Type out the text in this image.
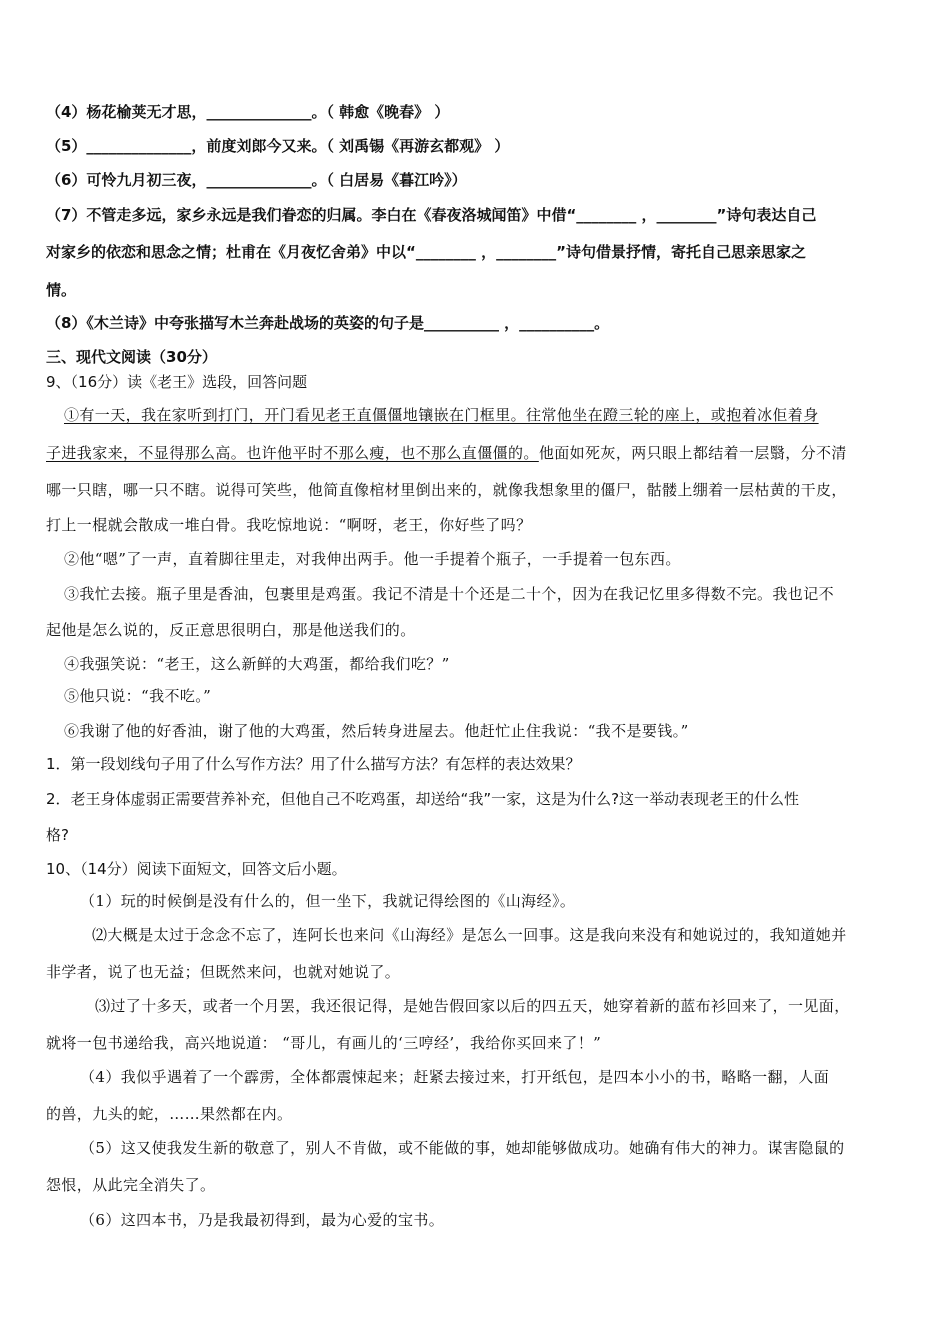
（4）杨花榆荚无才思，______________。（ 韩愈《晚春》 ）
（5）______________，前度刘郎今又来。（ 刘禹锡《再游玄都观》 ）
（6）可怜九月初三夜，______________。（ 白居易《暮江吟》）
（7）不管走多远，家乡永远是我们眷恋的归属。李白在《春夜洛城闻笛》中借“________ ，________”诗句表达自己
对家乡的依恋和思念之情；杜甫在《月夜忆舍弟》中以“________ ，________”诗句借景抒情，寄托自己思亲思家之
情。
（8）《木兰诗》中夸张描写木兰奔赴战场的英姿的句子是__________ ，__________。
三、现代文阅读（30分）
9、（16分）读《老王》选段，回答问题
①有一天，我在家听到打门，开门看见老王直僵僵地镶嵌在门框里。往常他坐在蹬三轮的座上，或抱着冰佢着身
子进我家来，不显得那么高。也许他平时不那么瘦，也不那么直僵僵的。他面如死灰，两只眼上都结着一层翳，分不清
哪一只瞎，哪一只不瞎。说得可笑些，他简直像棺材里倒出来的，就像我想象里的僵尸，骷髅上绷着一层枯黄的干皮，
打上一棍就会散成一堆白骨。我吃惊地说：“啊呀，老王，你好些了吗？
②他“嗯”了一声，直着脚往里走，对我伸出两手。他一手提着个瓶子，一手提着一包东西。
③我忙去接。瓶子里是香油，包裹里是鸡蛋。我记不清是十个还是二十个，因为在我记忆里多得数不完。我也记不
起他是怎么说的，反正意思很明白，那是他送我们的。
④我强笑说：“老王，这么新鲜的大鸡蛋，都给我们吃？”
⑤他只说：“我不吃。”
⑥我谢了他的好香油，谢了他的大鸡蛋，然后转身进屋去。他赶忙止住我说：“我不是要钱。”
1．第一段划线句子用了什么写作方法？用了什么描写方法？有怎样的表达效果？
2．老王身体虚弱正需要营养补充，但他自己不吃鸡蛋，却送给“我”一家，这是为什么?这一举动表现老王的什么性
格?
10、（14分）阅读下面短文，回答文后小题。
（1）玩的时候倒是没有什么的，但一坐下，我就记得绘图的《山海经》。
⑵大概是太过于念念不忘了，连阿长也来问《山海经》是怎么一回事。这是我向来没有和她说过的，我知道她并
非学者，说了也无益；但既然来问，也就对她说了。
⑶过了十多天，或者一个月罢，我还很记得，是她告假回家以后的四五天，她穿着新的蓝布衫回来了，一见面，
就将一包书递给我，高兴地说道： “哥儿，有画儿的‘三哼经’，我给你买回来了！”
（4）我似乎遇着了一个霹雳，全体都震悚起来；赶紧去接过来，打开纸包，是四本小小的书，略略一翻，人面
的兽，九头的蛇，……果然都在内。
（5）这又使我发生新的敬意了，别人不肯做，或不能做的事，她却能够做成功。她确有伟大的神力。谋害隐鼠的
怨恨，从此完全消失了。
（6）这四本书，乃是我最初得到，最为心爱的宝书。
